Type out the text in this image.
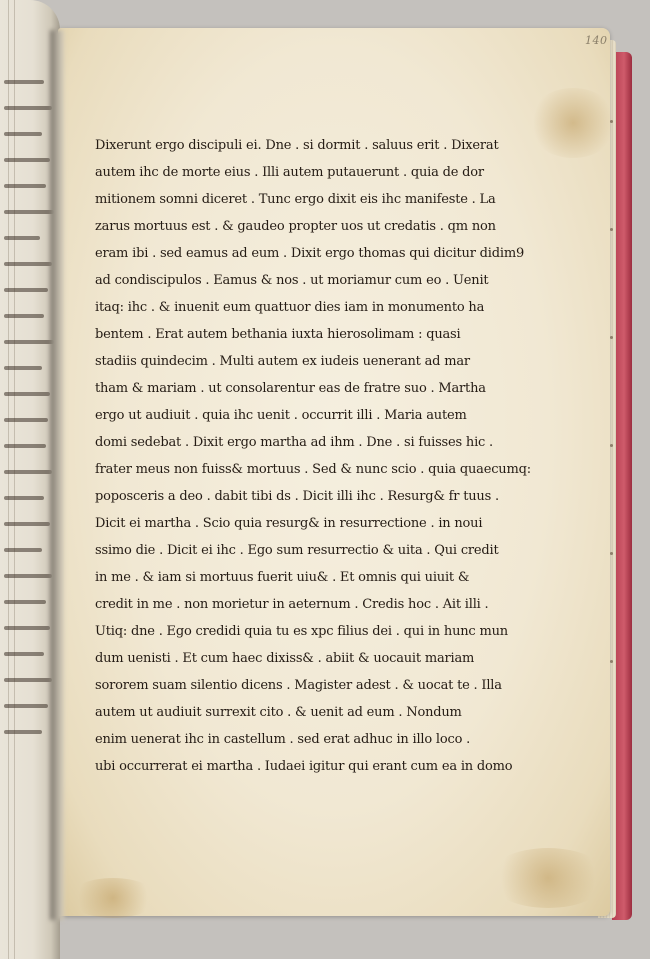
140
Dixerunt ergo discipuli ei. Dne . si dormit . saluus erit . Dixerat
autem ihc de morte eius . Illi autem putauerunt . quia de dor
mitionem somni diceret . Tunc ergo dixit eis ihc manifeste . La
zarus mortuus est . & gaudeo propter uos ut credatis . qm non
eram ibi . sed eamus ad eum . Dixit ergo thomas qui dicitur didim9
ad condiscipulos . Eamus & nos . ut moriamur cum eo . Uenit
itaq: ihc . & inuenit eum quattuor dies iam in monumento ha
bentem . Erat autem bethania iuxta hierosolimam : quasi
stadiis quindecim . Multi autem ex iudeis uenerant ad mar
tham & mariam . ut consolarentur eas de fratre suo . Martha
ergo ut audiuit . quia ihc uenit . occurrit illi . Maria autem
domi sedebat . Dixit ergo martha ad ihm . Dne . si fuisses hic .
frater meus non fuiss& mortuus . Sed & nunc scio . quia quaecumq:
poposceris a deo . dabit tibi ds . Dicit illi ihc . Resurg& fr tuus .
Dicit ei martha . Scio quia resurg& in resurrectione . in noui
ssimo die . Dicit ei ihc . Ego sum resurrectio & uita . Qui credit
in me . & iam si mortuus fuerit uiu& . Et omnis qui uiuit &
credit in me . non morietur in aeternum . Credis hoc . Ait illi .
Utiq: dne . Ego credidi quia tu es xpc filius dei . qui in hunc mun
dum uenisti . Et cum haec dixiss& . abiit & uocauit mariam
sororem suam silentio dicens . Magister adest . & uocat te . Illa
autem ut audiuit surrexit cito . & uenit ad eum . Nondum
enim uenerat ihc in castellum . sed erat adhuc in illo loco .
ubi occurrerat ei martha . Iudaei igitur qui erant cum ea in domo
